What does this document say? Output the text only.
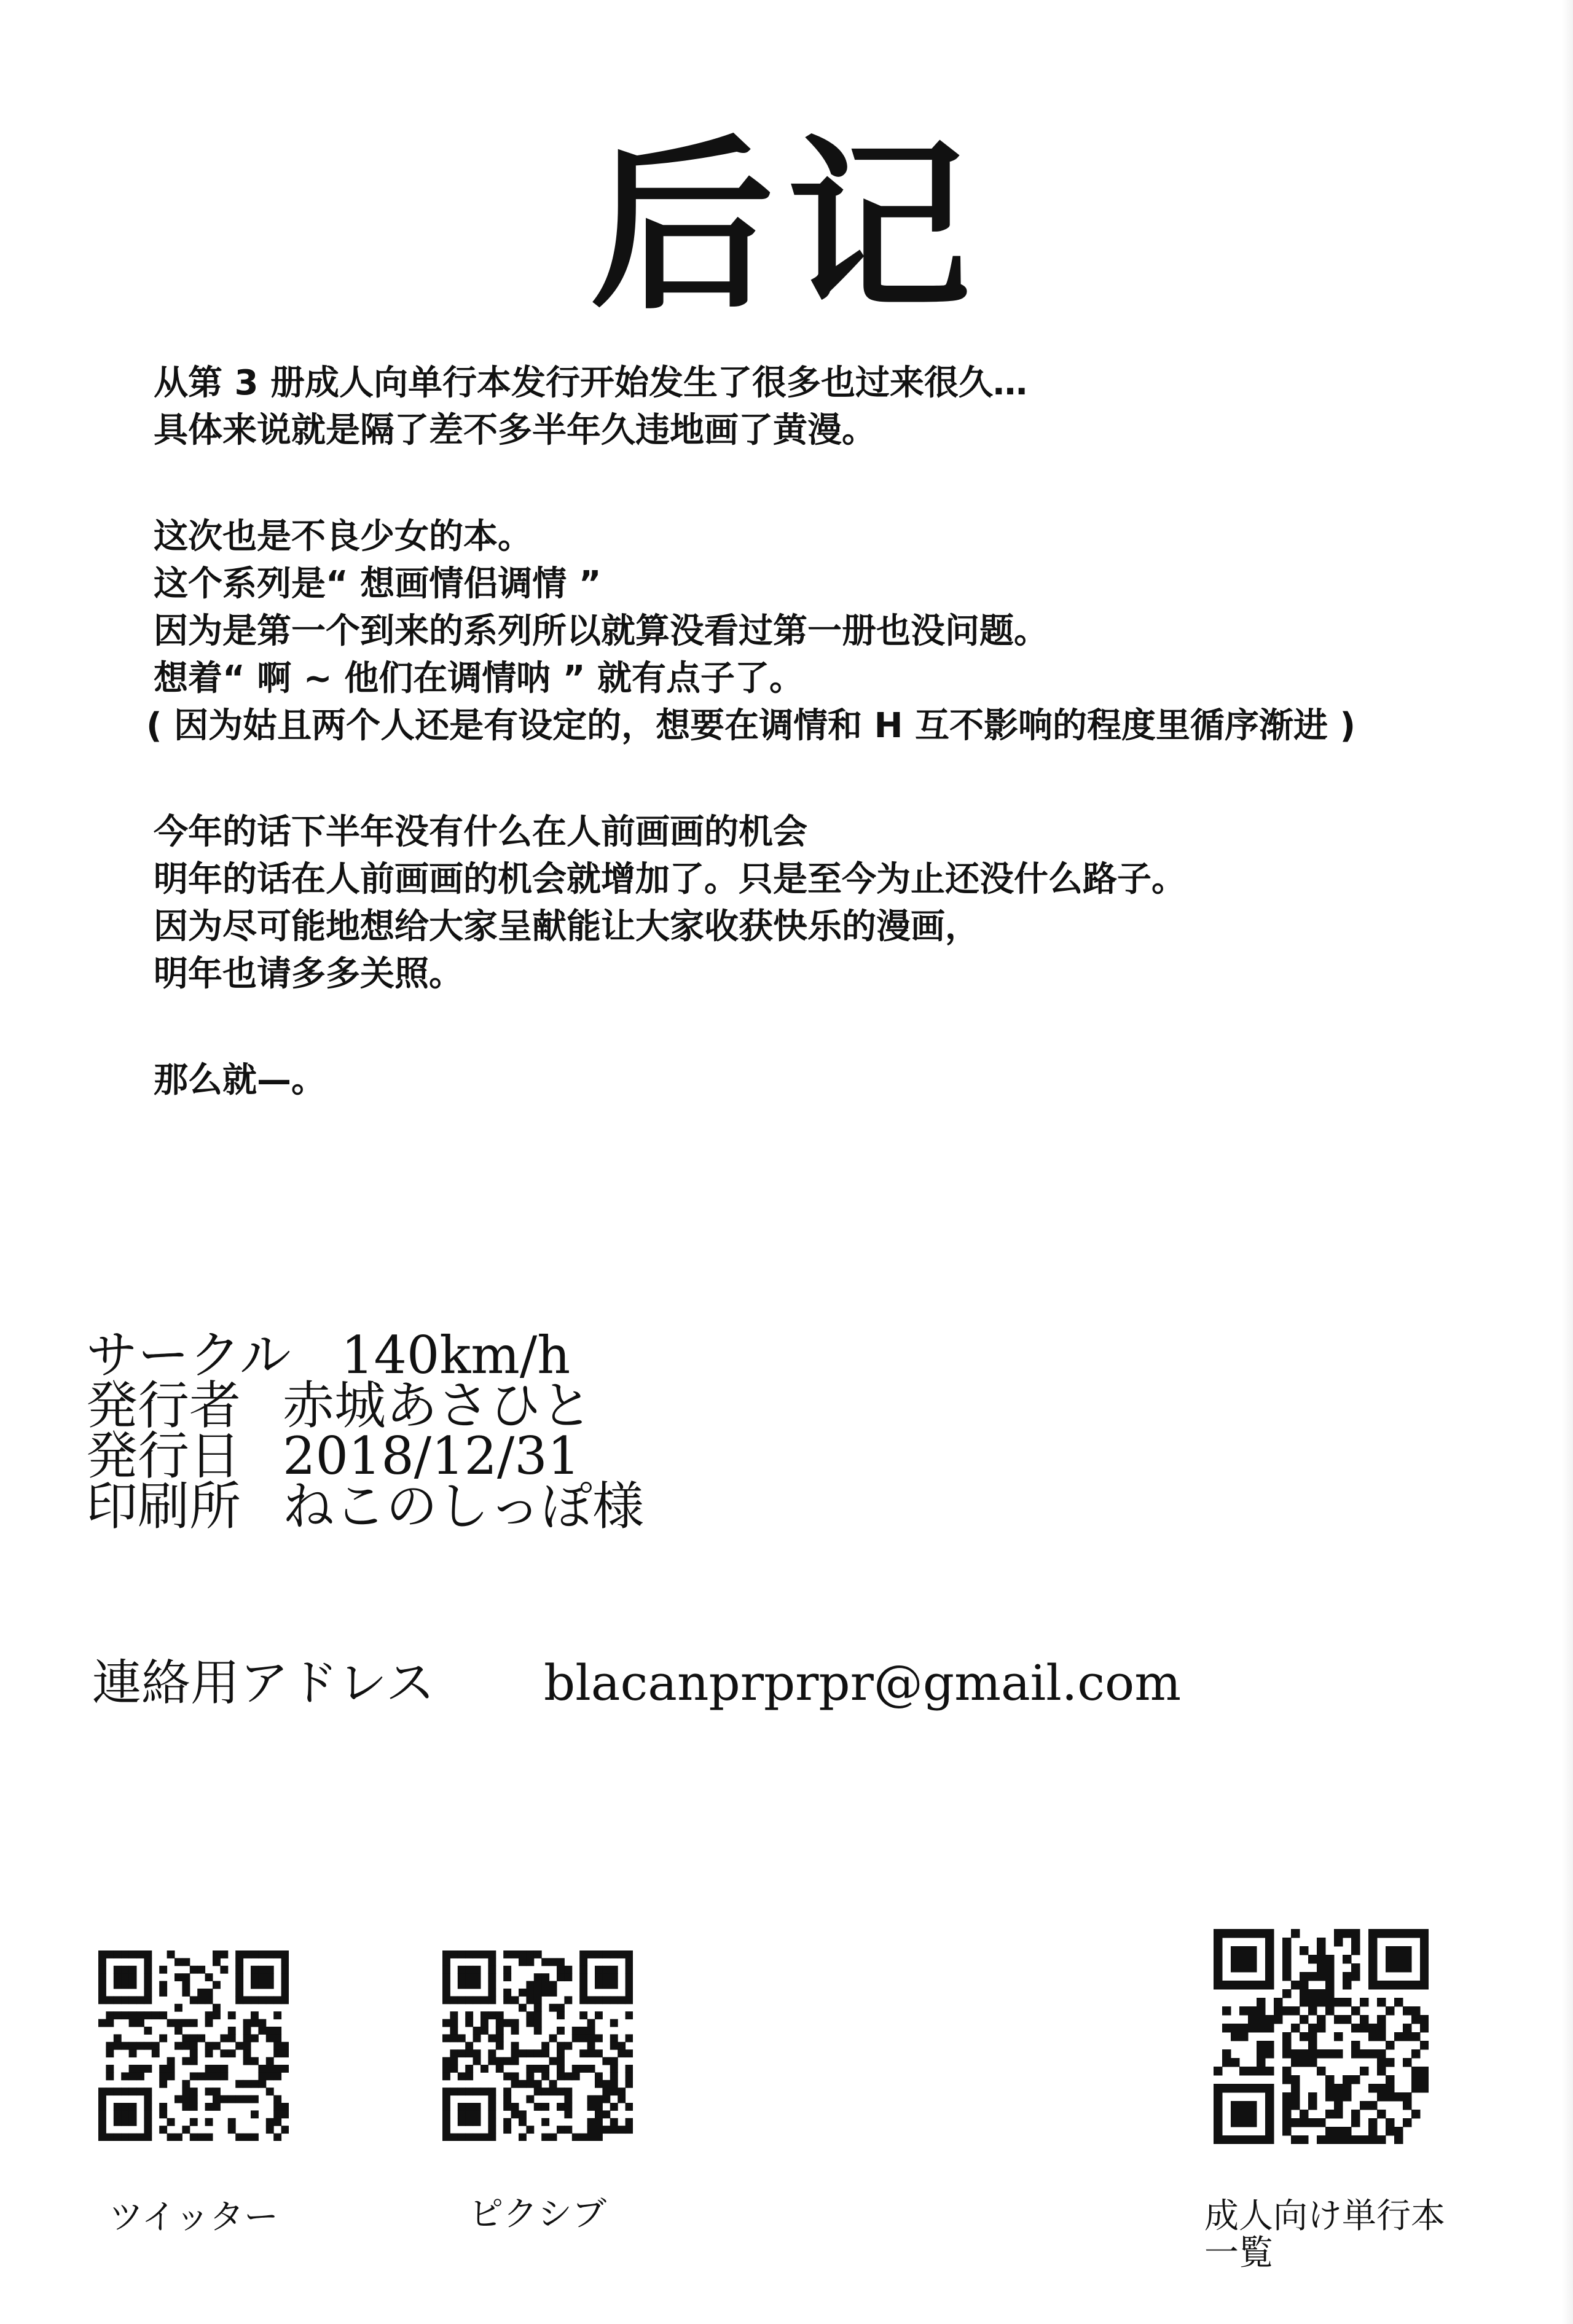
后记
从第 3 册成人向单行本发行开始发生了很多也过来很久…
具体来说就是隔了差不多半年久违地画了黄漫。
这次也是不良少女的本。
这个系列是“ 想画情侣调情 ”
因为是第一个到来的系列所以就算没看过第一册也没问题。
想着“ 啊 ~ 他们在调情呐 ” 就有点子了。
( 因为姑且两个人还是有设定的，想要在调情和 H 互不影响的程度里循序渐进 )
今年的话下半年没有什么在人前画画的机会
明年的话在人前画画的机会就增加了。只是至今为止还没什么路子。
因为尽可能地想给大家呈献能让大家收获快乐的漫画，
明年也请多多关照。
那么就—。
サークル 140km/h
発行者 赤城あさひと
発行日 2018/12/31
印刷所 ねこのしっぽ様
連絡用アドレス blacanprprpr@gmail.com
ツイッター	ピクシブ	成人向け単行本
一覧
